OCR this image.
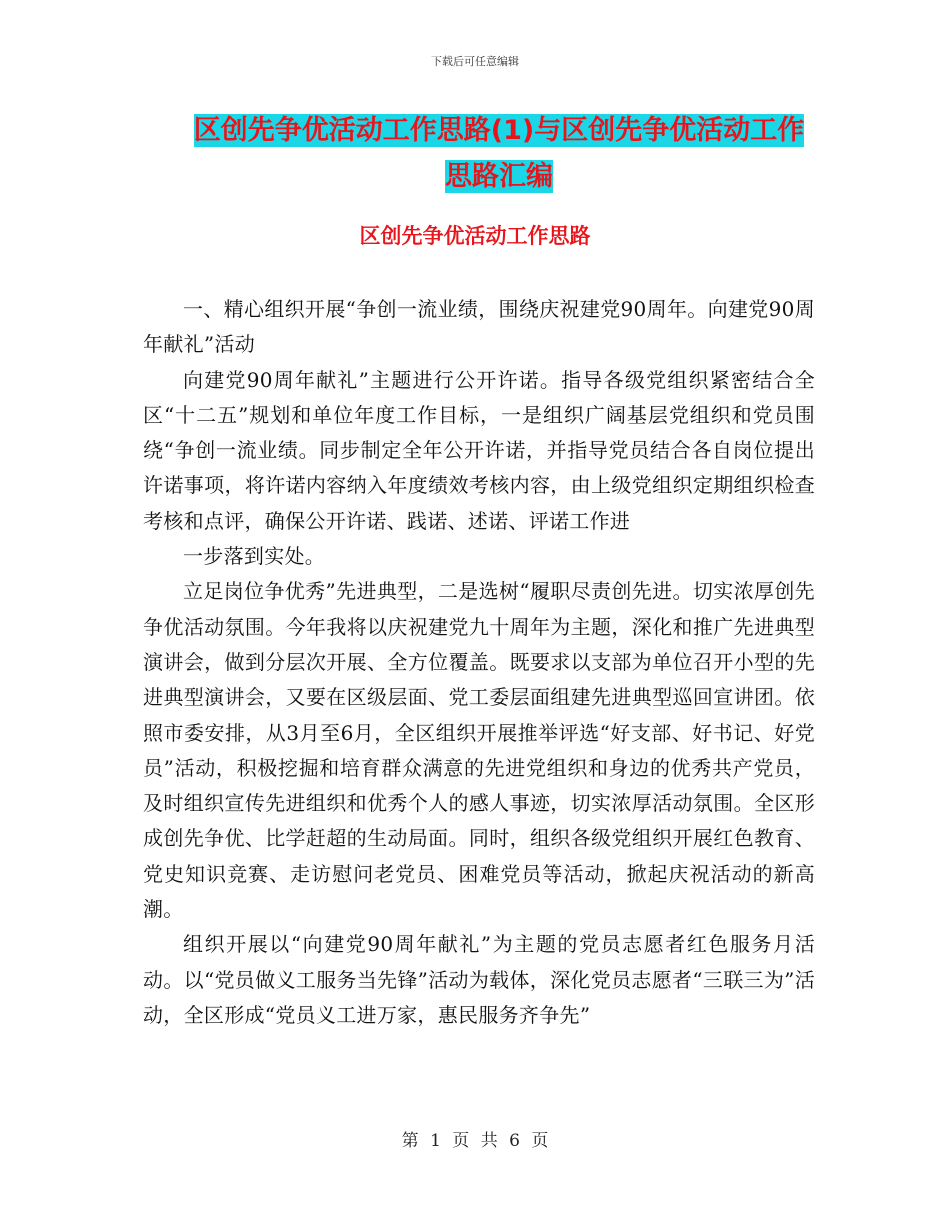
下载后可任意编辑
区创先争优活动工作思路(1)与区创先争优活动工作思路汇编
区创先争优活动工作思路

一、精心组织开展“争创一流业绩，围绕庆祝建党90周年。向建党90周年献礼”活动

向建党90周年献礼”主题进行公开许诺。指导各级党组织紧密结合全区“十二五”规划和单位年度工作目标，一是组织广阔基层党组织和党员围绕“争创一流业绩。同步制定全年公开许诺，并指导党员结合各自岗位提出许诺事项，将许诺内容纳入年度绩效考核内容，由上级党组织定期组织检查考核和点评，确保公开许诺、践诺、述诺、评诺工作进

一步落到实处。

立足岗位争优秀”先进典型，二是选树“履职尽责创先进。切实浓厚创先争优活动氛围。今年我将以庆祝建党九十周年为主题，深化和推广先进典型演讲会，做到分层次开展、全方位覆盖。既要求以支部为单位召开小型的先进典型演讲会，又要在区级层面、党工委层面组建先进典型巡回宣讲团。依照市委安排，从3月至6月，全区组织开展推举评选“好支部、好书记、好党员”活动，积极挖掘和培育群众满意的先进党组织和身边的优秀共产党员，及时组织宣传先进组织和优秀个人的感人事迹，切实浓厚活动氛围。全区形成创先争优、比学赶超的生动局面。同时，组织各级党组织开展红色教育、党史知识竞赛、走访慰问老党员、困难党员等活动，掀起庆祝活动的新高潮。

组织开展以“向建党90周年献礼”为主题的党员志愿者红色服务月活动。以“党员做义工服务当先锋”活动为载体，深化党员志愿者“三联三为”活动，全区形成“党员义工进万家，惠民服务齐争先”

第 1 页 共 6 页
